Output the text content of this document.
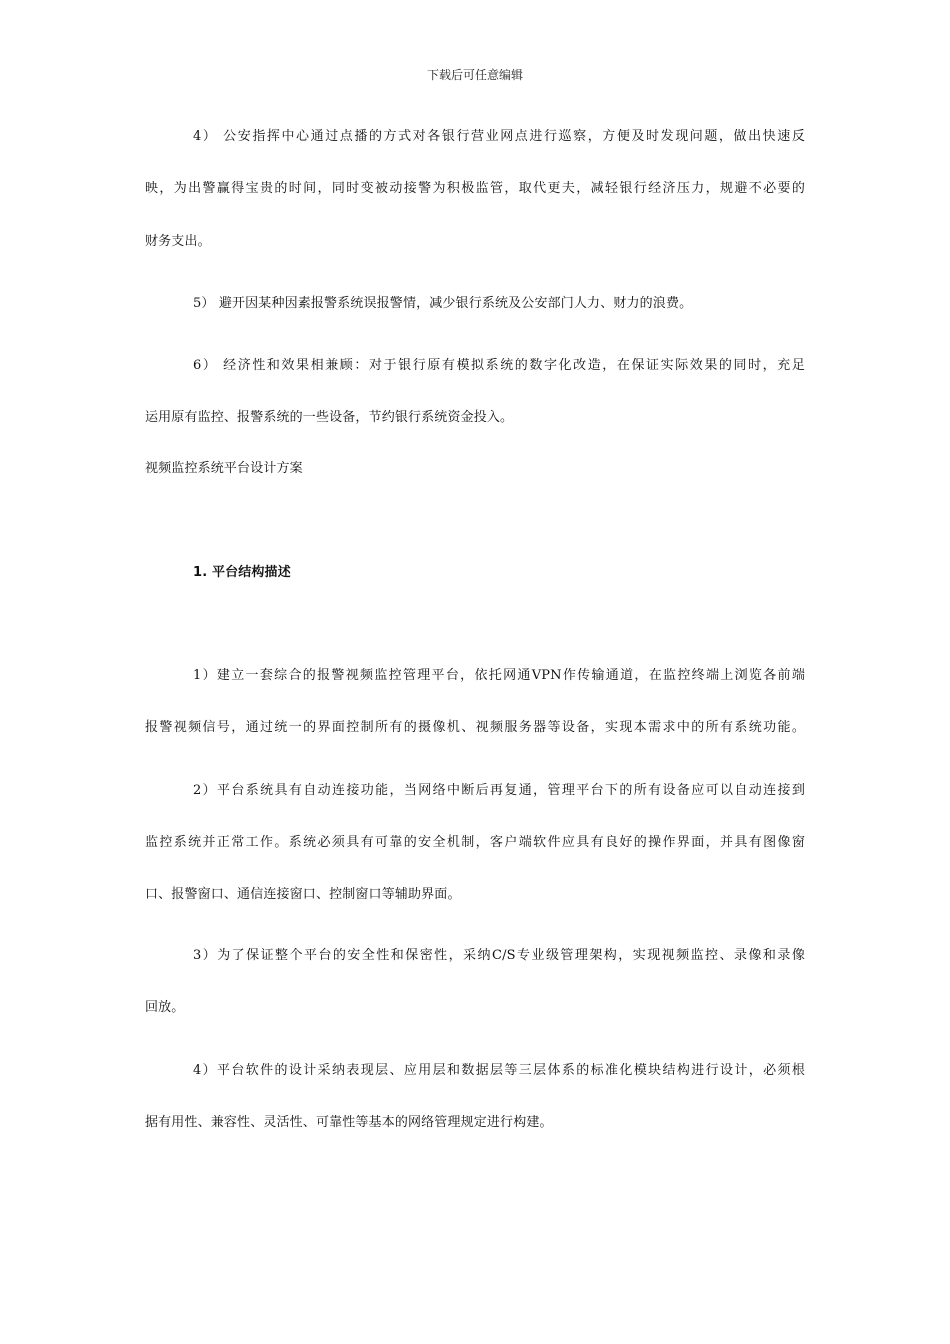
下载后可任意编辑
4） 公安指挥中心通过点播的方式对各银行营业网点进行巡察，方便及时发现问题，做出快速反
映，为出警赢得宝贵的时间，同时变被动接警为积极监管，取代更夫，减轻银行经济压力，规避不必要的
财务支出。
5） 避开因某种因素报警系统误报警情，减少银行系统及公安部门人力、财力的浪费。
6） 经济性和效果相兼顾：对于银行原有模拟系统的数字化改造，在保证实际效果的同时，充足
运用原有监控、报警系统的一些设备，节约银行系统资金投入。
视频监控系统平台设计方案
1. 平台结构描述
1）建立一套综合的报警视频监控管理平台，依托网通VPN作传输通道，在监控终端上浏览各前端
报警视频信号，通过统一的界面控制所有的摄像机、视频服务器等设备，实现本需求中的所有系统功能。
2）平台系统具有自动连接功能，当网络中断后再复通，管理平台下的所有设备应可以自动连接到
监控系统并正常工作。系统必须具有可靠的安全机制，客户端软件应具有良好的操作界面，并具有图像窗
口、报警窗口、通信连接窗口、控制窗口等辅助界面。
3）为了保证整个平台的安全性和保密性，采纳C/S专业级管理架构，实现视频监控、录像和录像
回放。
4）平台软件的设计采纳表现层、应用层和数据层等三层体系的标准化模块结构进行设计，必须根
据有用性、兼容性、灵活性、可靠性等基本的网络管理规定进行构建。
